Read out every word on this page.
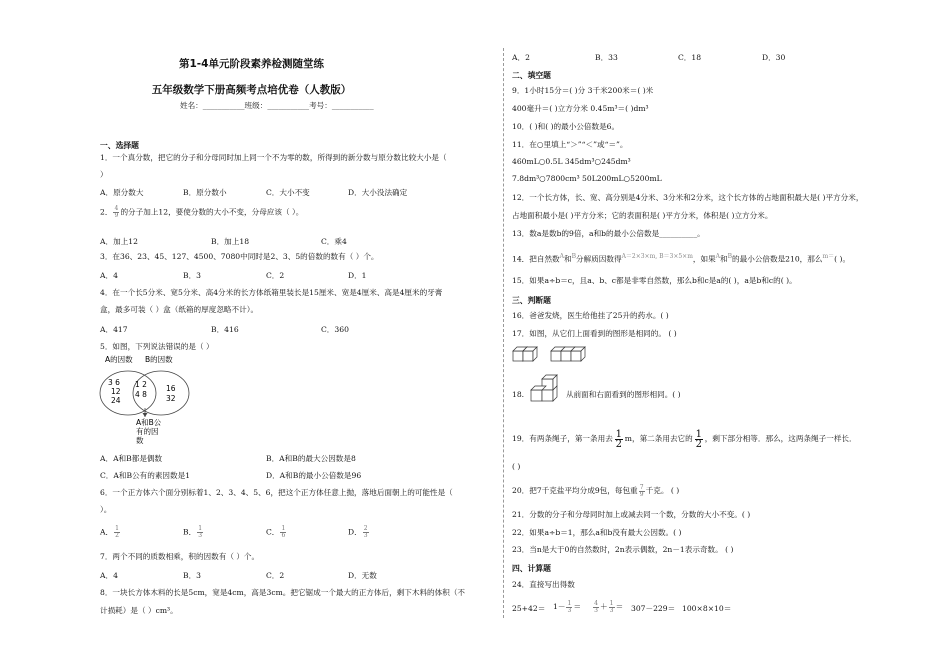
第1-4单元阶段素养检测随堂练
五年级数学下册高频考点培优卷（人教版）
姓名：___________班级：___________考号：___________
一、选择题
1．一个真分数，把它的分子和分母同时加上同一个不为零的数，所得到的新分数与原分数比较大小是（
）
A．原分数大	B．原分数小	C．大小不变	D．大小没法确定
2． $\frac{4}{9}$ 的分子加上12，要使分数的大小不变，分母应该（ ）。
A．加上12	B．加上18	C．乘4
3．在36、23、45、127、4500、7080中同时是2、3、5的倍数的数有（ ）个。
A．4	B．3	C．2	D．1
4．在一个长5分米、宽5分米、高4分米的长方体纸箱里装长是15厘米、宽是4厘米、高是4厘米的牙膏
盒，最多可装（ ）盒（纸箱的厚度忽略不计）。
A．417	B．416	C．360
5．如图，下列说法错误的是（ ）
A的因数 B的因数
3 6
12
24
1 2
4 8
16
32
A和B公
有的因
数
A．A和B都是偶数	B．A和B的最大公因数是8
C．A和B公有的素因数是1	D．A和B的最小公倍数是96
6．一个正方体六个面分别标着1、2、3、4、5、6，把这个正方体任意上抛，落地后面朝上的可能性是（
）。
A． $\frac{1}{2}$	B． $\frac{1}{3}$	C． $\frac{1}{6}$	D． $\frac{2}{3}$
7．两个不同的质数相乘，积的因数有（ ）个。
A．4	B．3	C．2	D．无数
8．一块长方体木料的长是5cm，宽是4cm，高是3cm。把它锯成一个最大的正方体后，剩下木料的体积（不
计损耗）是（ ）cm³。
A．2	B．33	C．18	D．30
二、填空题
9．1小时15分＝( )分 3千米200米＝( )米
400毫升＝( )立方分米 0.45m³＝( )dm³
10．( )和( )的最小公倍数是6。
11．在○里填上“＞”“＜”或“＝”。
460mL○0.5L 345dm³○245dm³
7.8dm³○7800cm³ 50L200mL○5200mL
12．一个长方体，长、宽、高分别是4分米、3分米和2分米，这个长方体的占地面积最大是( )平方分米，
占地面积最小是( )平方分米；它的表面积是( )平方分米，体积是( )立方分米。
13．数a是数b的9倍，a和b的最小公倍数是__________。
14．把自然数$^A$和$^B$分解质因数得$^{A=2\times 3\times m, B=3\times 5\times m}$，如果$^A$和$^B$的最小公倍数是210，那么$^{m=}$( )。
15．如果a÷b＝c，且a、b、c都是非零自然数，那么b和c是a的( )，a是b和c的( )。
三、判断题
16．爸爸发烧，医生给他挂了25升的药水。( )
17．如图，从它们上面看到的图形是相同的。 ( )
18.	从前面和右面看到的图形相同。( )
19．有两条绳子，第一条用去 $\frac{1}{2}$ m，第二条用去它的 $\frac{1}{2}$ ，剩下部分相等．那么，这两条绳子一样长．
( )
20．把7千克盐平均分成9包，每包重 $\frac{7}{9}$ 千克。 ( )
21．分数的分子和分母同时加上或减去同一个数，分数的大小不变。( )
22．如果a÷b＝1，那么a和b没有最大公因数。( )
23．当n是大于0的自然数时，2n表示偶数，2n－1表示奇数。 ( )
四、计算题
24．直接写出得数
$25+42= 1- \frac{1}{3} = \frac{4}{3} + \frac{1}{3} = 307-229= 100\times 8\times 10=$
